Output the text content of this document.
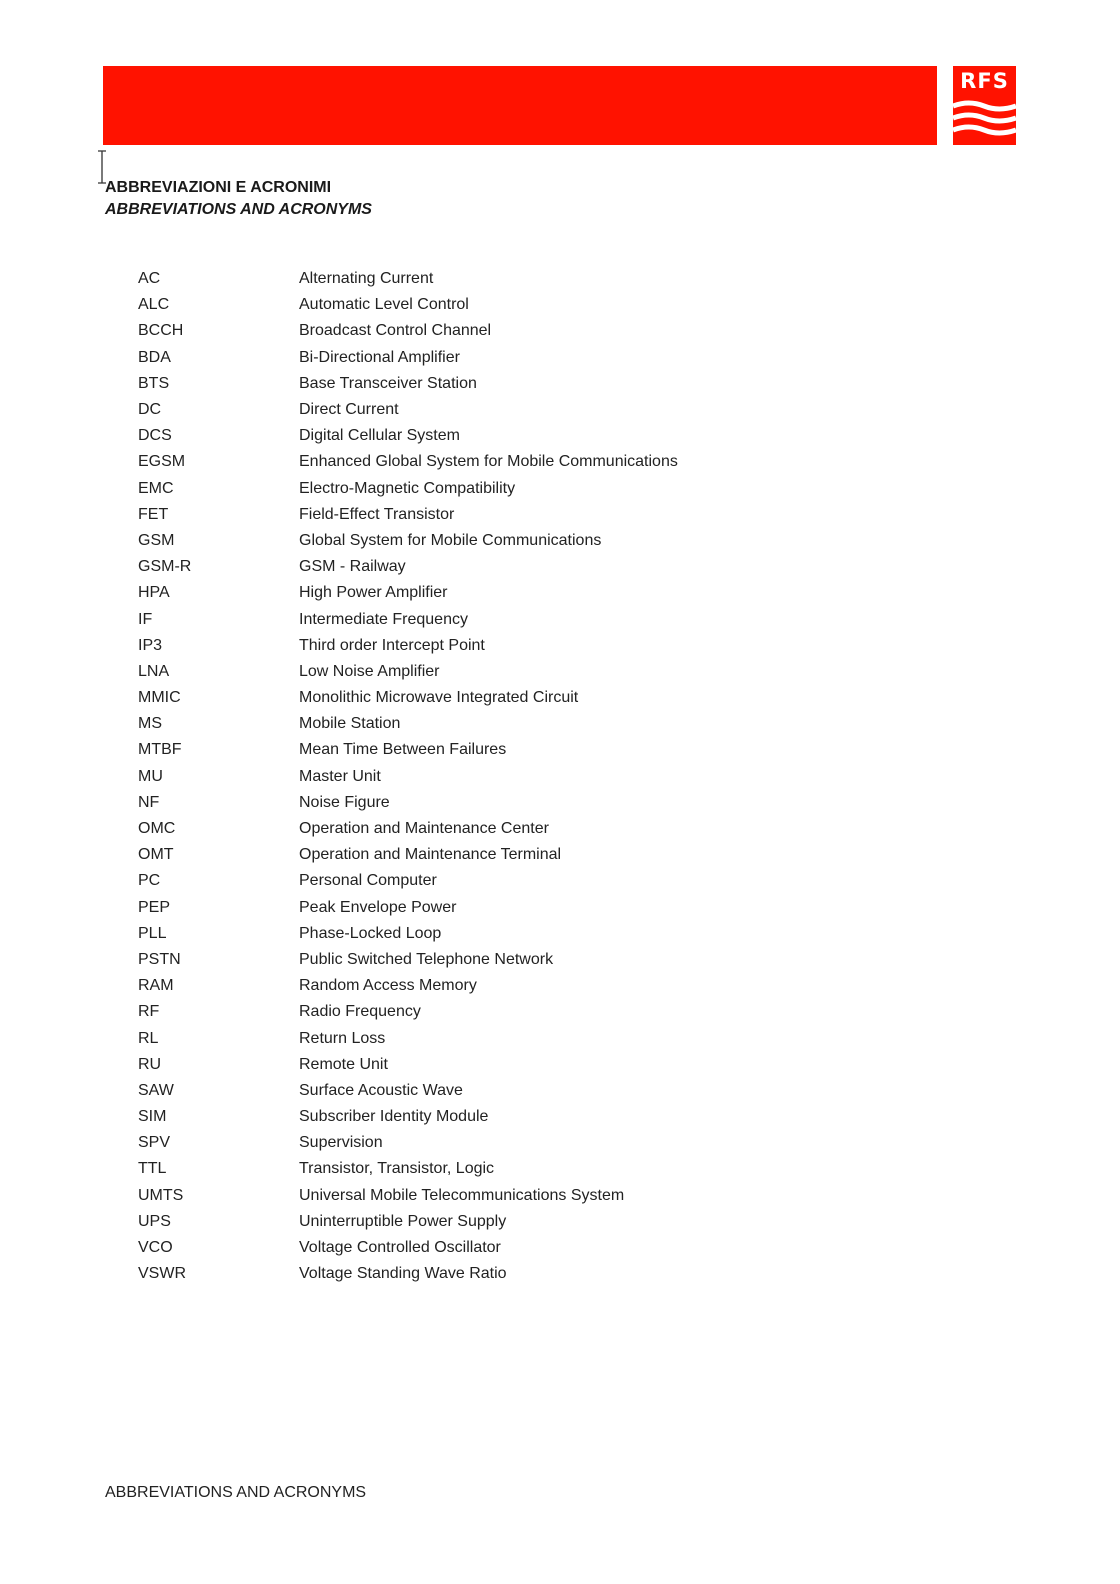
RFS
ABBREVIAZIONI E ACRONIMI
ABBREVIATIONS AND ACRONYMS
AC	Alternating Current
ALC	Automatic Level Control
BCCH	Broadcast Control Channel
BDA	Bi-Directional Amplifier
BTS	Base Transceiver Station
DC	Direct Current
DCS	Digital Cellular System
EGSM	Enhanced Global System for Mobile Communications
EMC	Electro-Magnetic Compatibility
FET	Field-Effect Transistor
GSM	Global System for Mobile Communications
GSM-R	GSM - Railway
HPA	High Power Amplifier
IF	Intermediate Frequency
IP3	Third order Intercept Point
LNA	Low Noise Amplifier
MMIC	Monolithic Microwave Integrated Circuit
MS	Mobile Station
MTBF	Mean Time Between Failures
MU	Master Unit
NF	Noise Figure
OMC	Operation and Maintenance Center
OMT	Operation and Maintenance Terminal
PC	Personal Computer
PEP	Peak Envelope Power
PLL	Phase-Locked Loop
PSTN	Public Switched Telephone Network
RAM	Random Access Memory
RF	Radio Frequency
RL	Return Loss
RU	Remote Unit
SAW	Surface Acoustic Wave
SIM	Subscriber Identity Module
SPV	Supervision
TTL	Transistor, Transistor, Logic
UMTS	Universal Mobile Telecommunications System
UPS	Uninterruptible Power Supply
VCO	Voltage Controlled Oscillator
VSWR	Voltage Standing Wave Ratio
ABBREVIATIONS AND ACRONYMS
